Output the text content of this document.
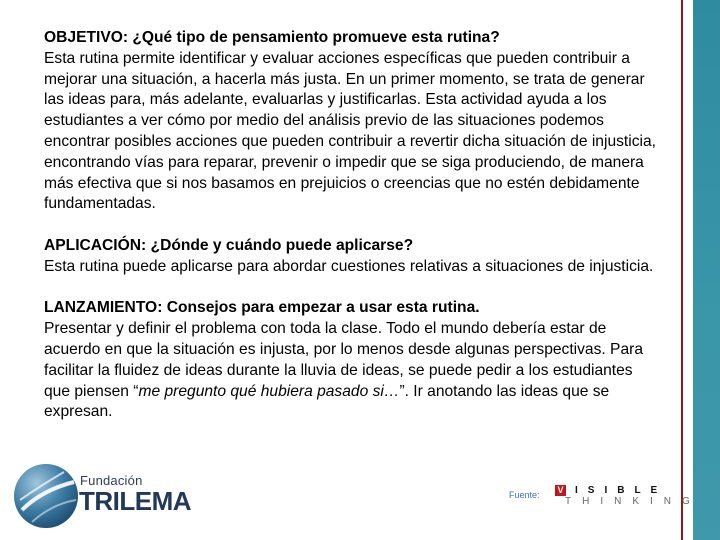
OBJETIVO: ¿Qué tipo de pensamiento promueve esta rutina?
Esta rutina permite identificar y evaluar acciones específicas que pueden contribuir a mejorar una situación, a hacerla más justa. En un primer momento, se trata de generar las ideas para, más adelante, evaluarlas y justificarlas. Esta actividad ayuda a los estudiantes a ver cómo por medio del análisis previo de las situaciones podemos encontrar posibles acciones que pueden contribuir a revertir dicha situación de injusticia, encontrando vías para reparar, prevenir o impedir que se siga produciendo, de manera más efectiva que si nos basamos en prejuicios o creencias que no estén debidamente fundamentadas.
APLICACIÓN: ¿Dónde y cuándo puede aplicarse?
Esta rutina puede aplicarse para abordar cuestiones relativas a situaciones de injusticia.
LANZAMIENTO: Consejos para empezar a usar esta rutina.
Presentar y definir el problema con toda la clase. Todo el mundo debería estar de acuerdo en que la situación es injusta, por lo menos desde algunas perspectivas. Para facilitar la fluidez de ideas durante la lluvia de ideas, se puede pedir a los estudiantes que piensen “me pregunto qué hubiera pasado si…”. Ir anotando las ideas que se expresan.
Fundación
TRILEMA	Fuente: V ISIBLE
THINKING
